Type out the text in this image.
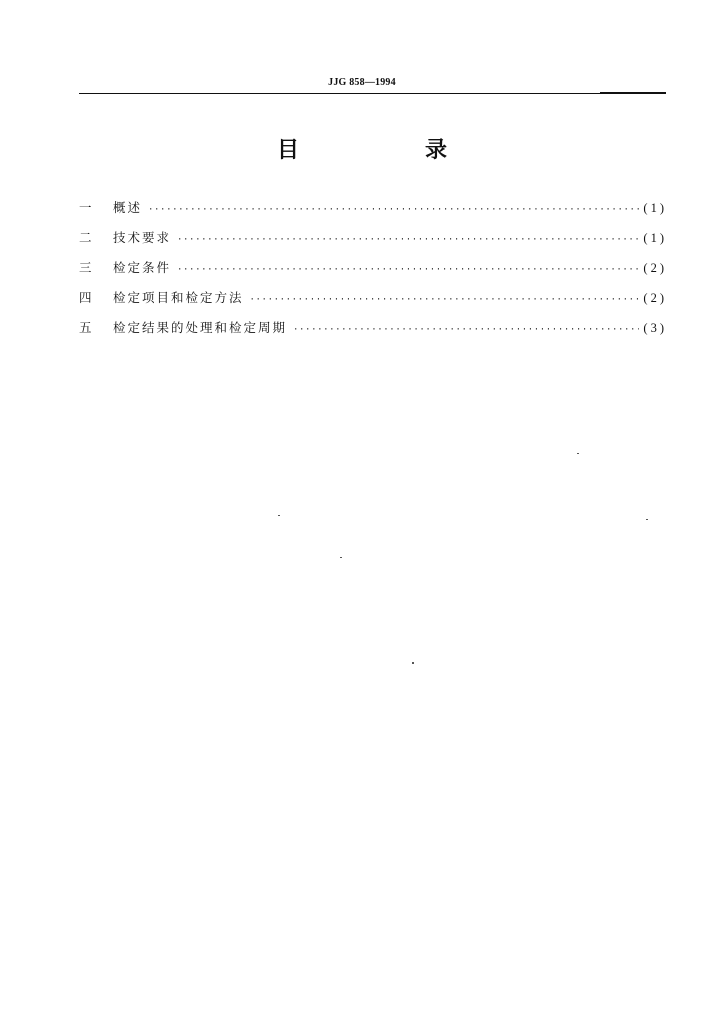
JJG 858—1994
目　录
一	概述 ·····	(1)
二	技术要求 ·····	(1)
三	检定条件 ·····	(2)
四	检定项目和检定方法 ·····	(2)
五	检定结果的处理和检定周期 ·····	(3)
